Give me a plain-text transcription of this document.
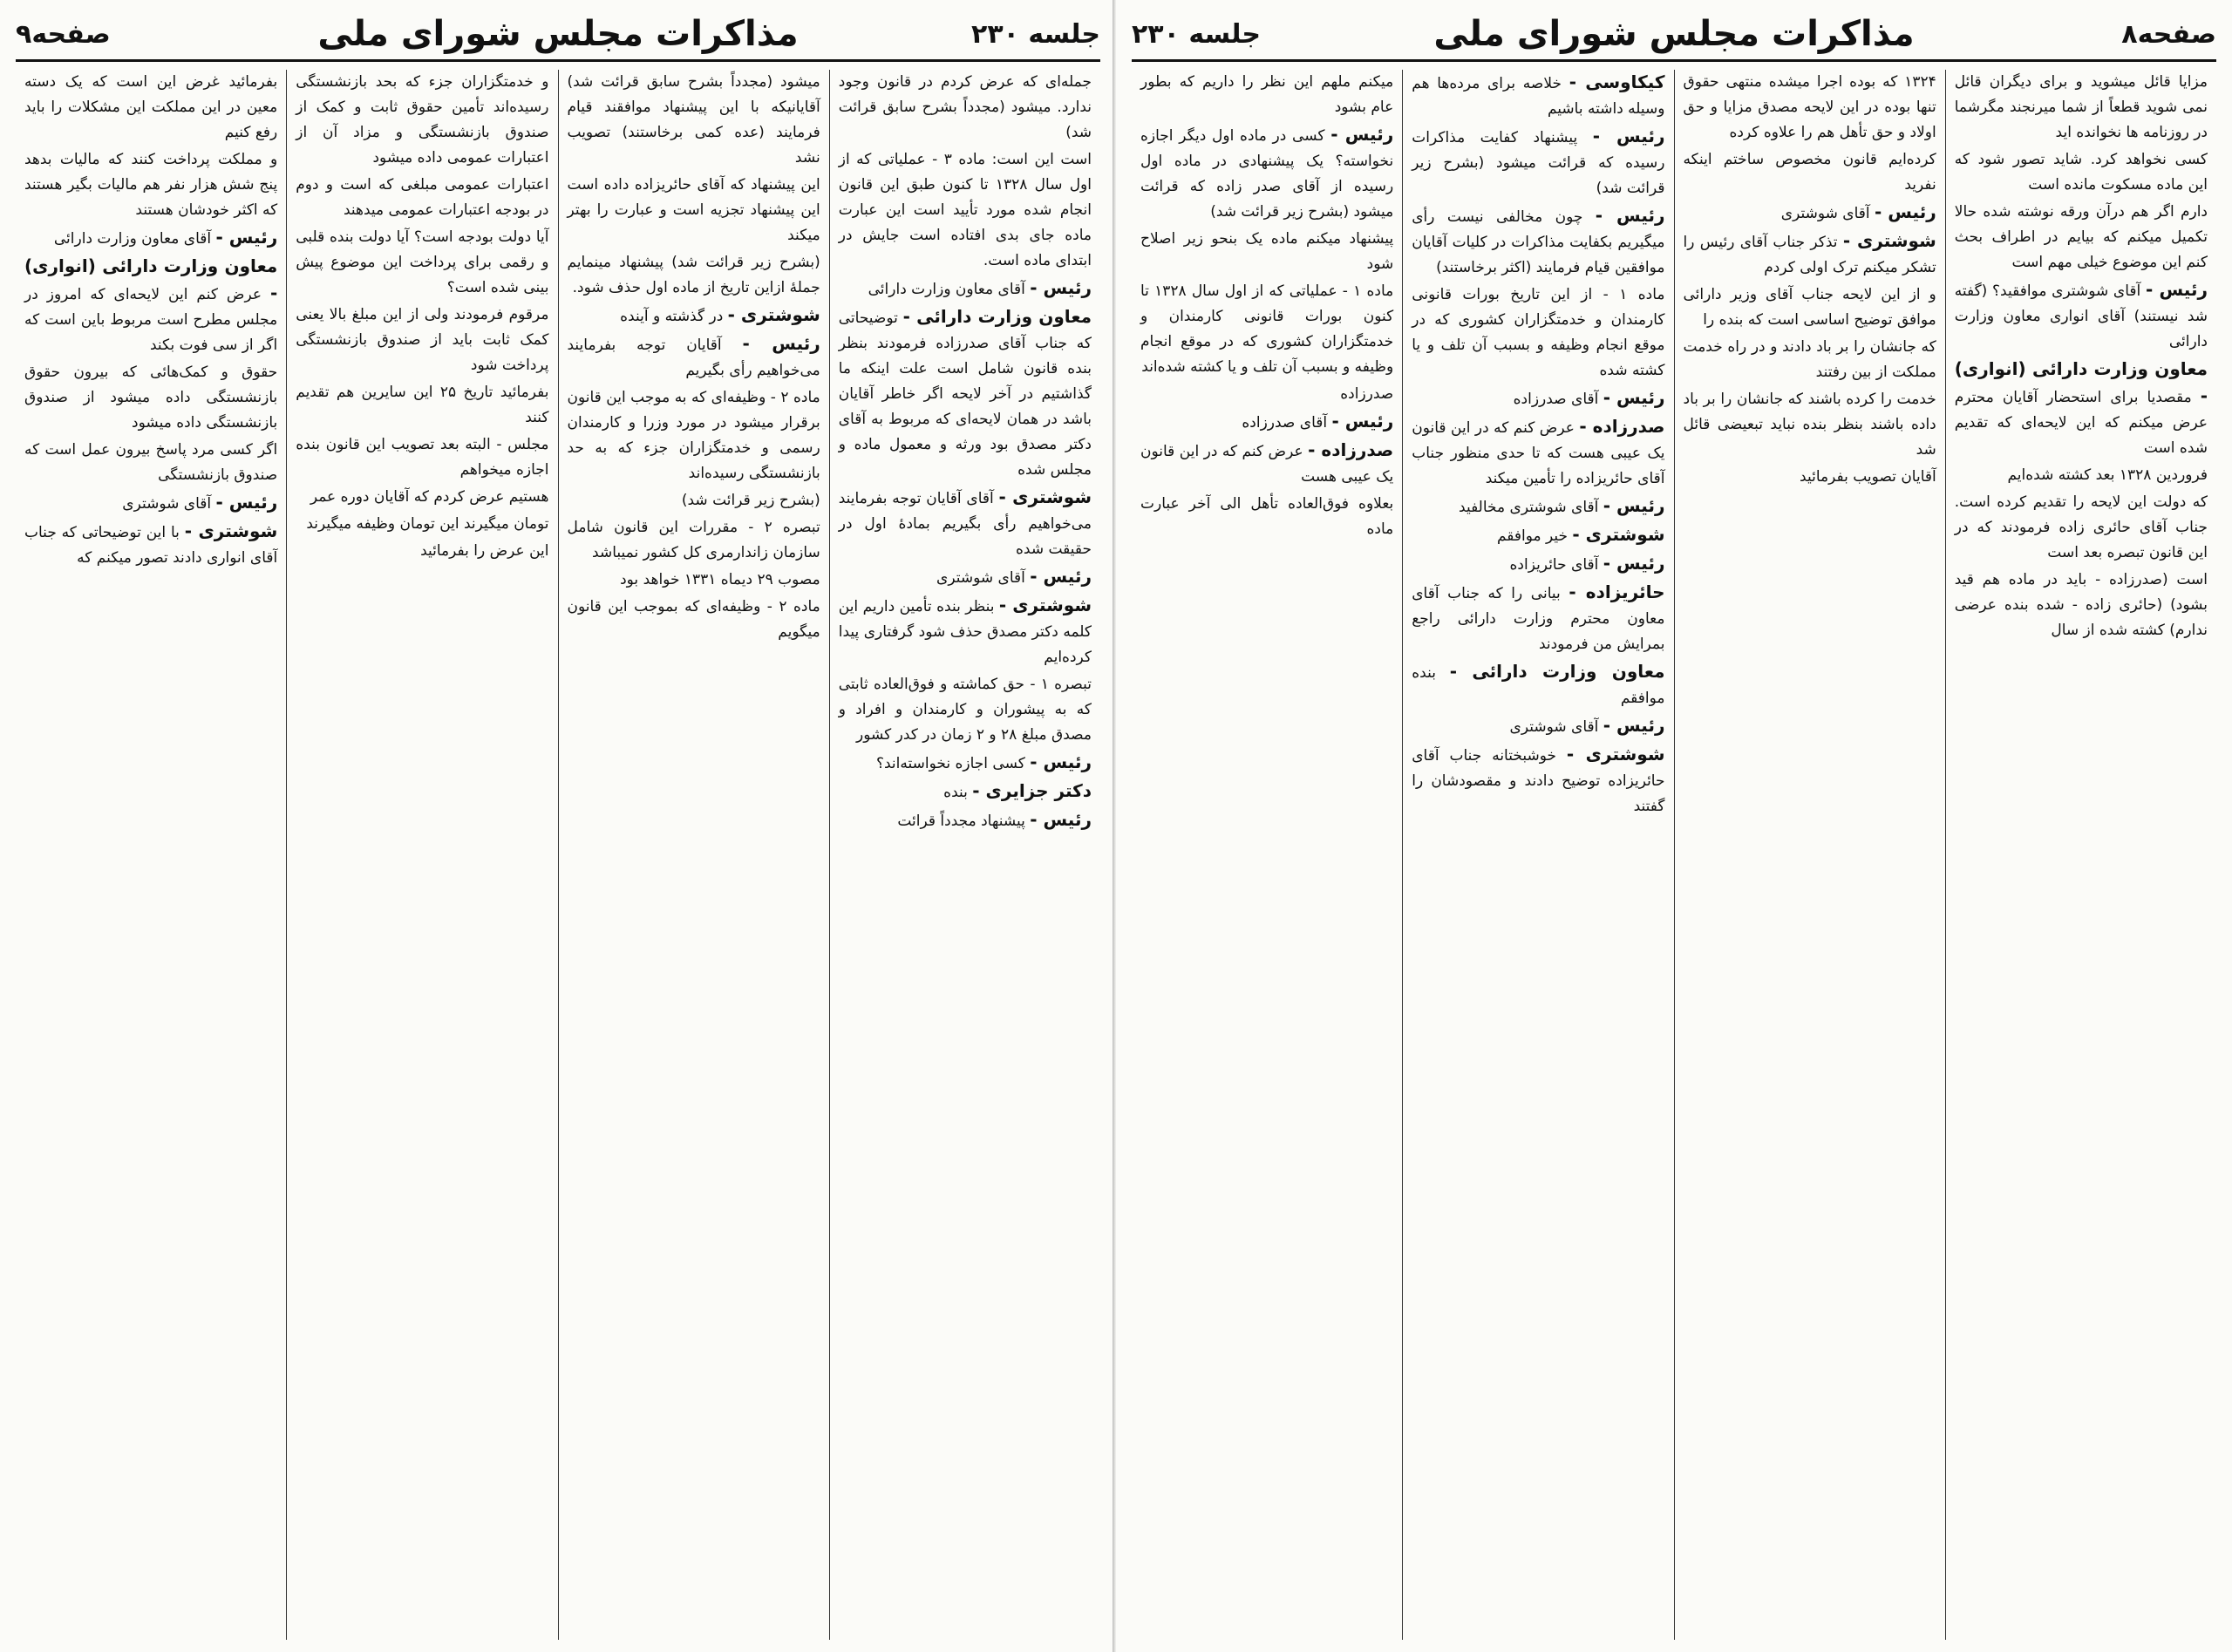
صفحه۹	مذاکرات مجلس شورای ملی	جلسه ۲۳۰

جمله‌ای که عرض کردم در قانون وجود ندارد. میشود (مجدداً بشرح سابق قرائت شد)

است این است: ماده ۳ - عملیاتی که از اول سال ۱۳۲۸ تا کنون طبق این قانون انجام شده مورد تأیید است این عبارت ماده جای بدی افتاده است جایش در ابتدای ماده است.

رئیس - آقای معاون وزارت دارائی

معاون وزارت دارائی - توضیحاتی که جناب آقای صدرزاده فرمودند بنظر بنده قانون شامل است علت اینکه ما گذاشتیم در آخر لایحه اگر خاطر آقایان باشد در همان لایحه‌ای که مربوط به آقای دکتر مصدق بود ورثه و معمول ماده و مجلس شده

شوشتری - آقای آقایان توجه بفرمایند می‌خواهیم رأی بگیریم بمادهٔ اول در حقیقت شده

رئیس - آقای شوشتری

شوشتری - بنظر بنده تأمین داریم این کلمه دکتر مصدق حذف شود گرفتاری پیدا کرده‌ایم

تبصره ۱ - حق کماشته و فوق‌العاده ثابتی که به پیشوران و کارمندان و افراد و مصدق مبلغ ۲۸ و ۲ زمان در کدر کشور

رئیس - کسی اجازه نخواسته‌اند؟

دکتر جزایری - بنده

رئیس - پیشنهاد مجدداً قرائت

میشود (مجدداً بشرح سابق قرائت شد) آقایانیکه با این پیشنهاد موافقند قیام فرمایند (عده کمی برخاستند) تصویب نشد

این پیشنهاد که آقای حائریزاده داده است این پیشنهاد تجزیه است و عبارت را بهتر میکند

(بشرح زیر قرائت شد) پیشنهاد مینمایم جملهٔ ازاین تاریخ از ماده اول حذف شود.

شوشتری - در گذشته و آینده

رئیس - آقایان توجه بفرمایند می‌خواهیم رأی بگیریم

ماده ۲ - وظیفه‌ای که به موجب این قانون برقرار میشود در مورد وزرا و کارمندان رسمی و خدمتگزاران جزء که به حد بازنشستگی رسیده‌اند

(بشرح زیر قرائت شد)

تبصره ۲ - مقررات این قانون شامل سازمان زاندارمری کل کشور نمیباشد

مصوب ۲۹ دیماه ۱۳۳۱ خواهد بود

ماده ۲ - وظیفه‌ای که بموجب این قانون میگویم

و خدمتگزاران جزء که بحد بازنشستگی رسیده‌اند تأمین حقوق ثابت و کمک از صندوق بازنشستگی و مزاد آن از اعتبارات عمومی داده میشود

اعتبارات عمومی مبلغی که است و دوم در بودجه اعتبارات عمومی میدهند

آیا دولت بودجه است؟ آیا دولت بنده قلبی و رقمی برای پرداخت این موضوع پیش بینی شده است؟

مرقوم فرمودند ولی از این مبلغ بالا یعنی کمک ثابت باید از صندوق بازنشستگی پرداخت شود

بفرمائید تاریخ ۲۵ این سایرین هم تقدیم کنند

مجلس - البته بعد تصویب این قانون بنده اجازه میخواهم

هستیم عرض کردم که آقایان دوره عمر

تومان میگیرند این تومان وظیفه میگیرند

این عرض را بفرمائید

بفرمائید غرض این است که یک دسته معین در این مملکت این مشکلات را باید رفع کنیم

و مملکت پرداخت کنند که مالیات بدهد پنج شش هزار نفر هم مالیات بگیر هستند که اکثر خودشان هستند

رئیس - آقای معاون وزارت دارائی

معاون وزارت دارائی (انواری) - عرض کنم این لایحه‌ای که امروز در مجلس مطرح است مربوط باین است که اگر از سی فوت بکند

حقوق و کمک‌هائی که بیرون حقوق بازنشستگی داده میشود از صندوق بازنشستگی داده میشود

اگر کسی مرد پاسخ بیرون عمل است که صندوق بازنشستگی

رئیس - آقای شوشتری

شوشتری - با این توضیحاتی که جناب آقای انواری دادند تصور میکنم که

جلسه ۲۳۰	مذاکرات مجلس شورای ملی	صفحه۸

مزایا قائل میشوید و برای دیگران قائل نمی شوید قطعاً از شما میرنجند مگرشما در روزنامه ها نخوانده اید

کسی نخواهد کرد. شاید تصور شود که این ماده مسکوت مانده است

دارم اگر هم درآن ورقه نوشته شده حالا تکمیل میکنم که بیایم در اطراف بحث کنم این موضوع خیلی مهم است

رئیس - آقای شوشتری موافقید؟ (گفته شد نیستند) آقای انواری معاون وزارت دارائی

معاون وزارت دارائی (انواری) - مقصدیا برای استحضار آقایان محترم عرض میکنم که این لایحه‌ای که تقدیم شده است

فروردین ۱۳۲۸ بعد کشته شده‌ایم

که دولت این لایحه را تقدیم کرده است. جناب آقای حائری زاده فرمودند که در این قانون تبصره بعد است

است (صدرزاده - باید در ماده هم قید بشود) (حائری زاده - شده بنده عرضی ندارم) کشته شده از سال

۱۳۲۴ که بوده اجرا میشده منتهی حقوق تنها بوده در این لایحه مصدق مزایا و حق اولاد و حق تأهل هم را علاوه کرده

کرده‌ایم قانون مخصوص ساختم اینکه نفرید

رئیس - آقای شوشتری

شوشتری - تذکر جناب آقای رئیس را تشکر میکنم ترک اولی کردم

و از این لایحه جناب آقای وزیر دارائی موافق توضیح اساسی است که بنده را

که جانشان را بر باد دادند و در راه خدمت مملکت از بین رفتند

خدمت را کرده باشند که جانشان را بر باد داده باشند بنظر بنده نباید تبعیضی قائل شد

آقایان تصویب بفرمائید

کیکاوسی - خلاصه برای مرده‌ها هم وسیله داشته باشیم

رئیس - پیشنهاد کفایت مذاکرات رسیده که قرائت میشود (بشرح زیر قرائت شد)

رئیس - چون مخالفی نیست رأی میگیریم بکفایت مذاکرات در کلیات آقایان موافقین قیام فرمایند (اکثر برخاستند)

ماده ۱ - از این تاریخ بورات قانونی کارمندان و خدمتگزاران کشوری که در موقع انجام وظیفه و بسبب آن تلف و یا کشته شده

رئیس - آقای صدرزاده

صدرزاده - عرض کنم که در این قانون یک عیبی هست که تا حدی منظور جناب آقای حائریزاده را تأمین میکند

رئیس - آقای شوشتری مخالفید

شوشتری - خیر موافقم

رئیس - آقای حائریزاده

حائریزاده - بیانی را که جناب آقای معاون محترم وزارت دارائی راجع بمرایش من فرمودند

معاون وزارت دارائی - بنده موافقم

رئیس - آقای شوشتری

شوشتری - خوشبختانه جناب آقای حائریزاده توضیح دادند و مقصودشان را گفتند

میکنم ملهم این نظر را داریم که بطور عام بشود

رئیس - کسی در ماده اول دیگر اجازه نخواسته؟ یک پیشنهادی در ماده اول رسیده از آقای صدر زاده که قرائت میشود (بشرح زیر قرائت شد)

پیشنهاد میکنم ماده یک بنحو زیر اصلاح شود

ماده ۱ - عملیاتی که از اول سال ۱۳۲۸ تا کنون بورات قانونی کارمندان و خدمتگزاران کشوری که در موقع انجام وظیفه و بسبب آن تلف و یا کشته شده‌اند

صدرزاده

رئیس - آقای صدرزاده

صدرزاده - عرض کنم که در این قانون یک عیبی هست

بعلاوه فوق‌العاده تأهل الی آخر عبارت ماده
